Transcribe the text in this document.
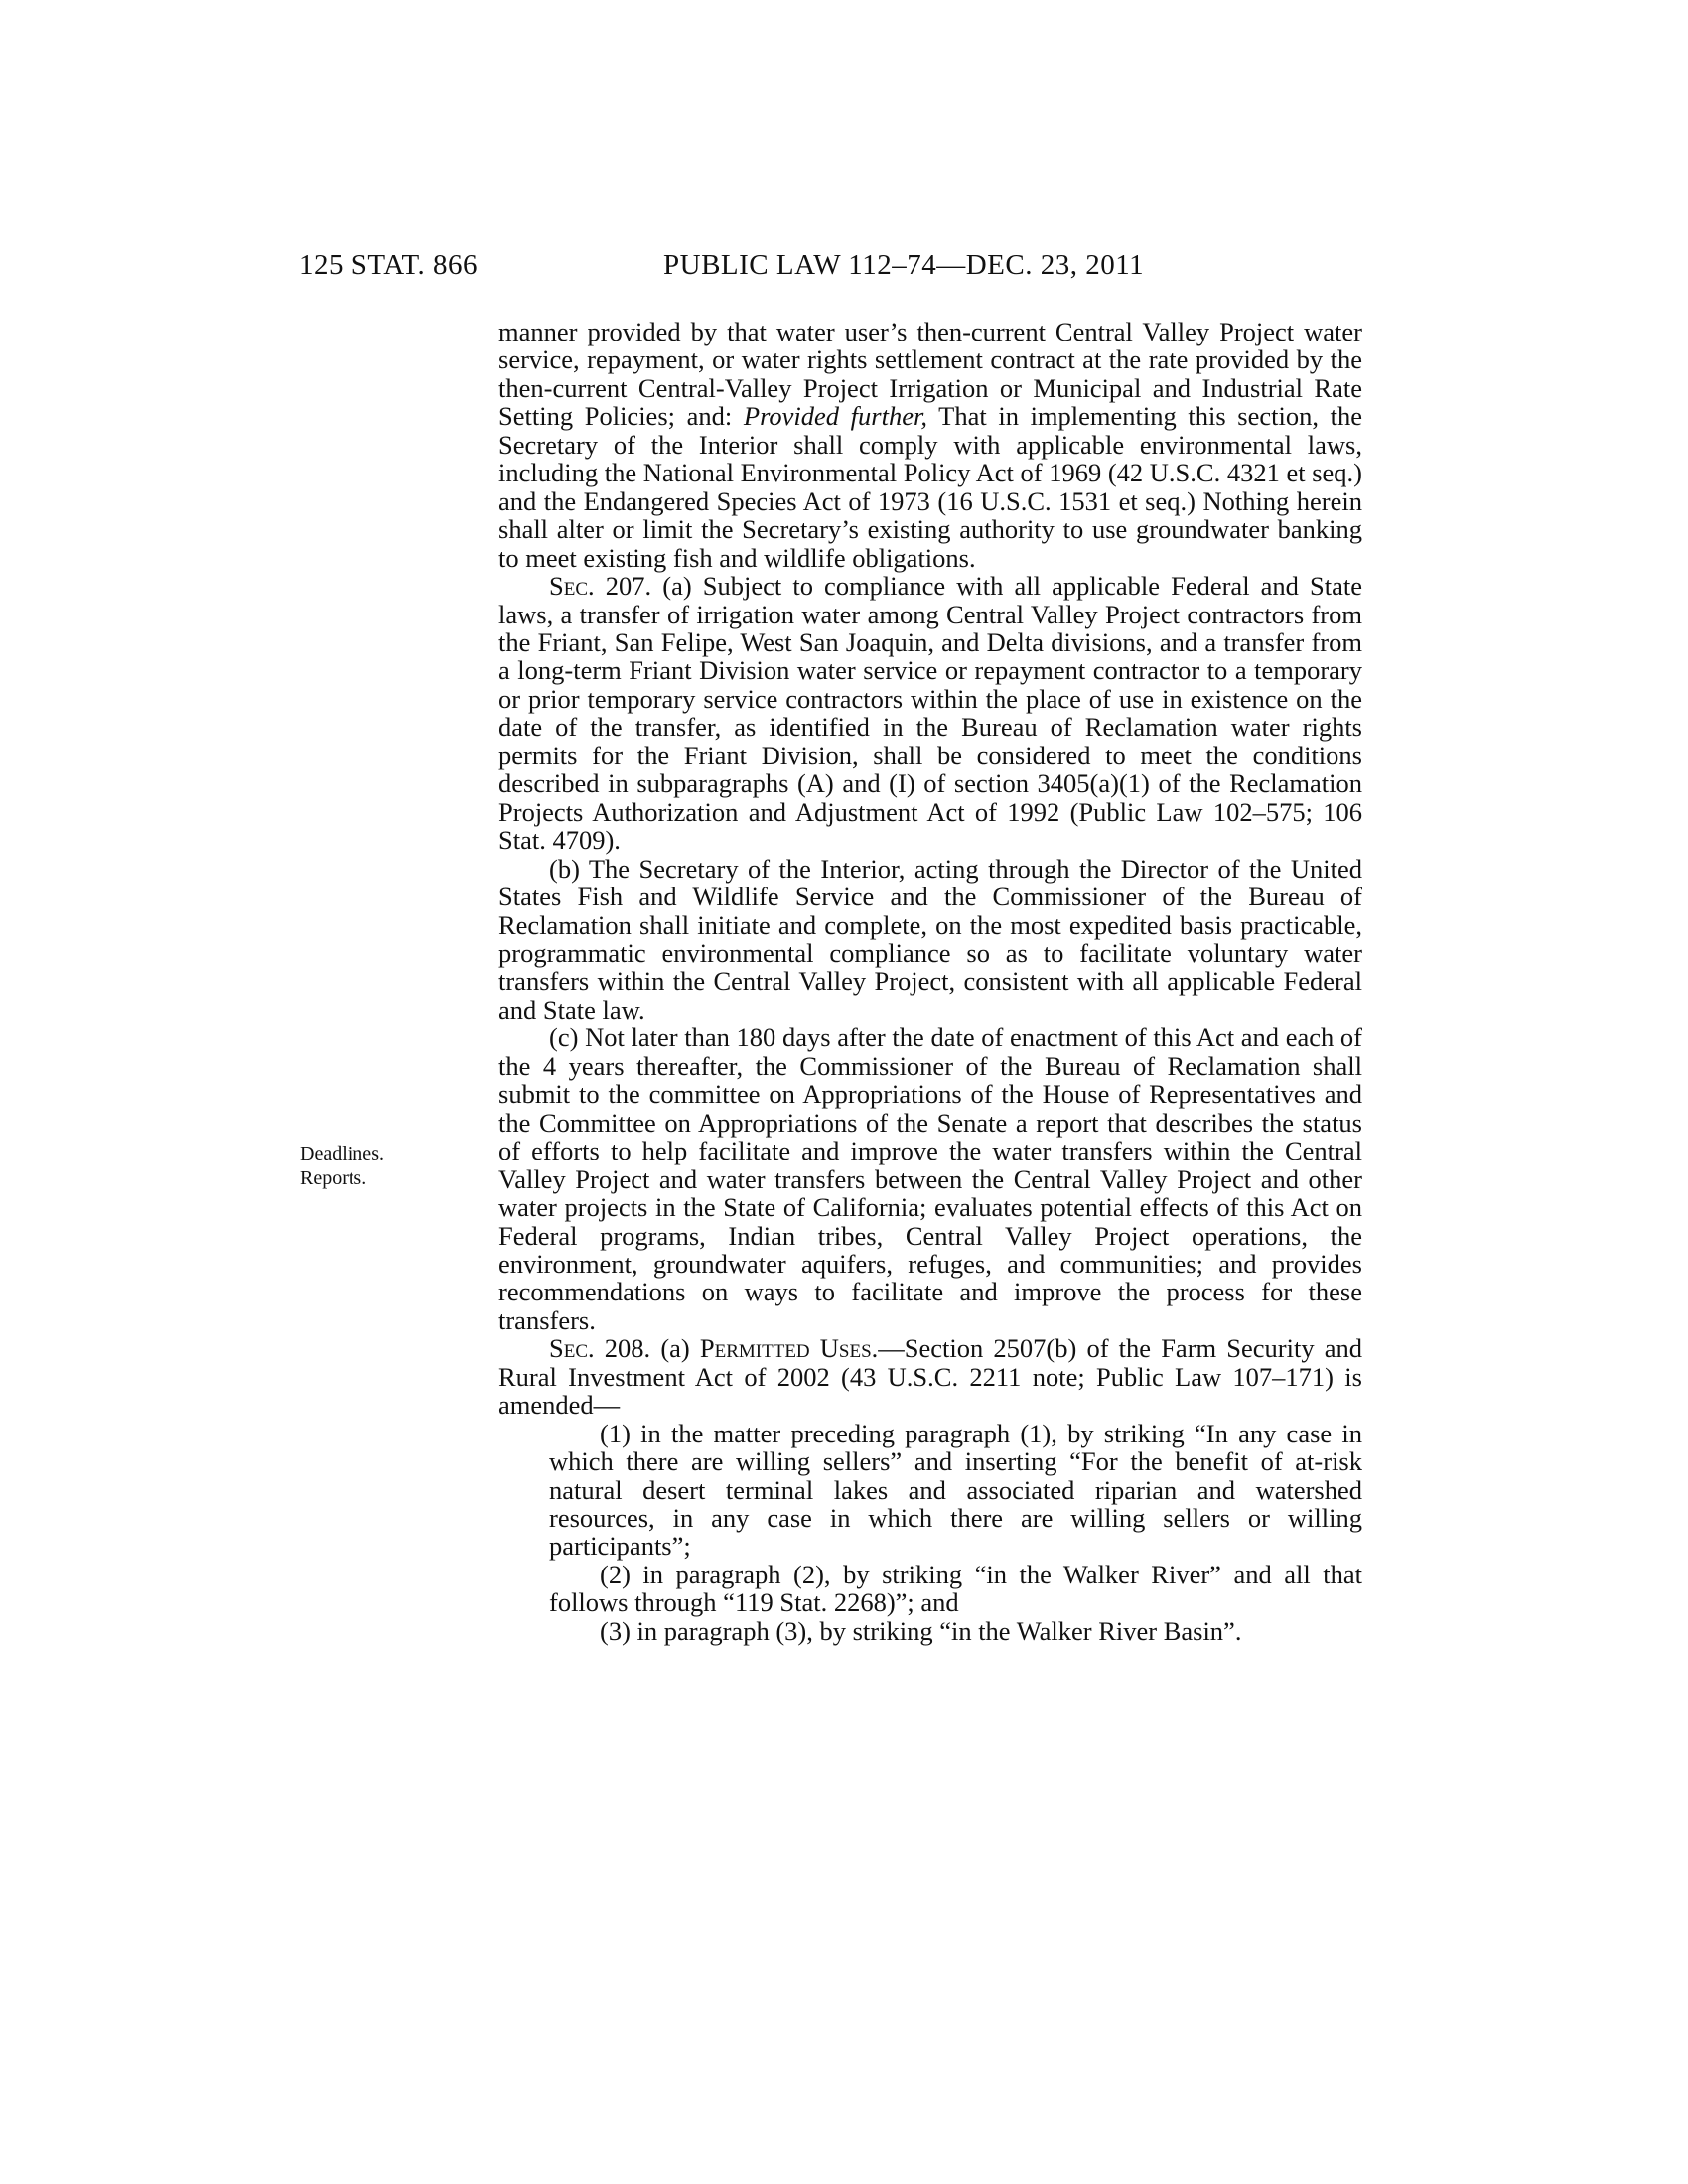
125 STAT. 866	PUBLIC LAW 112–74—DEC. 23, 2011
Deadlines.
Reports.

manner provided by that water user’s then-current Central Valley Project water service, repayment, or water rights settlement contract at the rate provided by the then-current Central-Valley Project Irrigation or Municipal and Industrial Rate Setting Policies; and: Provided further, That in implementing this section, the Secretary of the Interior shall comply with applicable environmental laws, including the National Environmental Policy Act of 1969 (42 U.S.C. 4321 et seq.) and the Endangered Species Act of 1973 (16 U.S.C. 1531 et seq.) Nothing herein shall alter or limit the Secretary’s existing authority to use groundwater banking to meet existing fish and wildlife obligations.

Sec. 207. (a) Subject to compliance with all applicable Federal and State laws, a transfer of irrigation water among Central Valley Project contractors from the Friant, San Felipe, West San Joaquin, and Delta divisions, and a transfer from a long-term Friant Division water service or repayment contractor to a temporary or prior temporary service contractors within the place of use in existence on the date of the transfer, as identified in the Bureau of Reclamation water rights permits for the Friant Division, shall be considered to meet the conditions described in subparagraphs (A) and (I) of section 3405(a)(1) of the Reclamation Projects Authorization and Adjustment Act of 1992 (Public Law 102–575; 106 Stat. 4709).

(b) The Secretary of the Interior, acting through the Director of the United States Fish and Wildlife Service and the Commissioner of the Bureau of Reclamation shall initiate and complete, on the most expedited basis practicable, programmatic environmental compliance so as to facilitate voluntary water transfers within the Central Valley Project, consistent with all applicable Federal and State law.

(c) Not later than 180 days after the date of enactment of this Act and each of the 4 years thereafter, the Commissioner of the Bureau of Reclamation shall submit to the committee on Appropriations of the House of Representatives and the Committee on Appropriations of the Senate a report that describes the status of efforts to help facilitate and improve the water transfers within the Central Valley Project and water transfers between the Central Valley Project and other water projects in the State of California; evaluates potential effects of this Act on Federal programs, Indian tribes, Central Valley Project operations, the environment, groundwater aquifers, refuges, and communities; and provides recommendations on ways to facilitate and improve the process for these transfers.

Sec. 208. (a) Permitted Uses.—Section 2507(b) of the Farm Security and Rural Investment Act of 2002 (43 U.S.C. 2211 note; Public Law 107–171) is amended—

(1) in the matter preceding paragraph (1), by striking “In any case in which there are willing sellers” and inserting “For the benefit of at-risk natural desert terminal lakes and associated riparian and watershed resources, in any case in which there are willing sellers or willing participants”;

(2) in paragraph (2), by striking “in the Walker River” and all that follows through “119 Stat. 2268)”; and

(3) in paragraph (3), by striking “in the Walker River Basin”.
